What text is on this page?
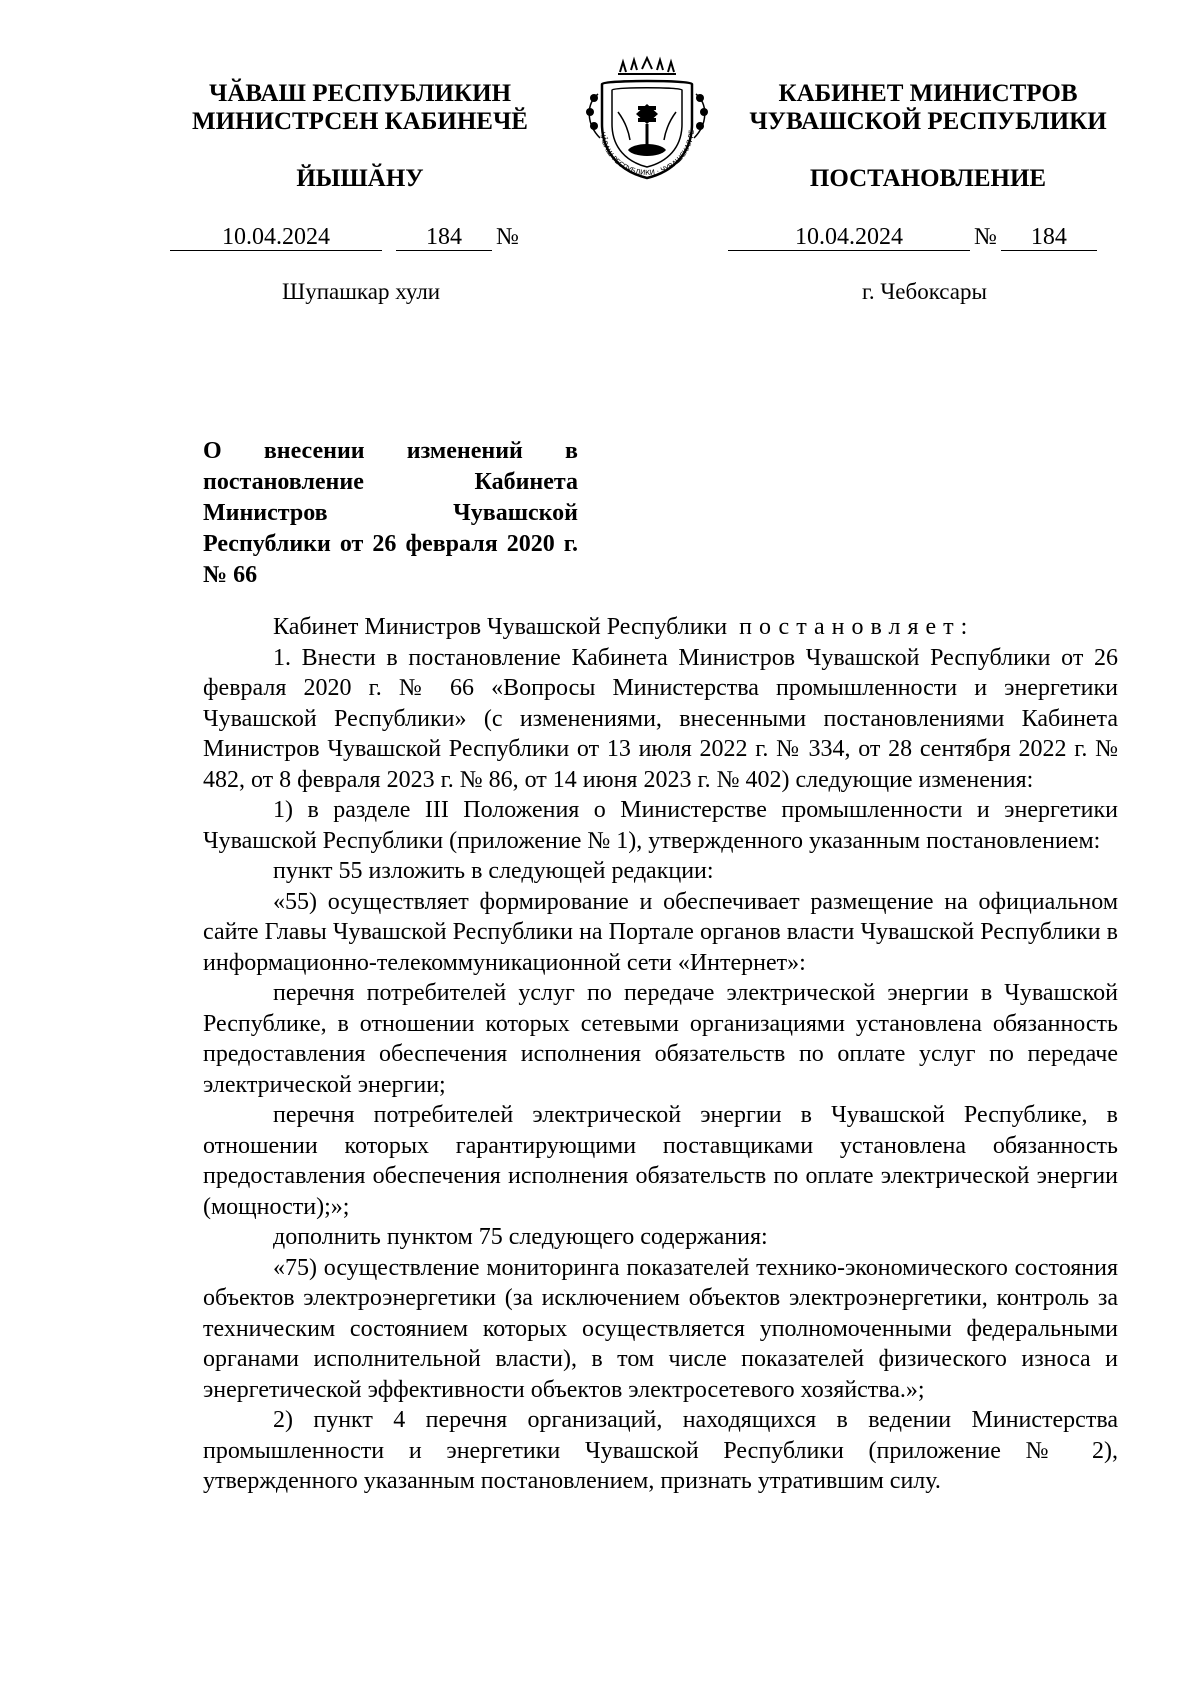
ЧӐВАШ РЕСПУБЛИКИН
МИНИСТРСЕН КАБИНЕЧӖ
ЙЫШӐНУ
ЧĂВАШ РЕСПУБЛИКИ · ЧУВАШСКАЯ РЕ
КАБИНЕТ МИНИСТРОВ
ЧУВАШСКОЙ РЕСПУБЛИКИ
ПОСТАНОВЛЕНИЕ
10.04.2024	184 №	10.04.2024	№ 184
Шупашкар хули	г. Чебоксары
О внесении изменений в постановление Кабинета Министров Чувашской Республики от 26 февраля 2020 г. № 66

Кабинет Министров Чувашской Республики постановляет:

1. Внести в постановление Кабинета Министров Чувашской Республики от 26 февраля 2020 г. № 66 «Вопросы Министерства промышленности и энергетики Чувашской Республики» (с изменениями, внесенными постановлениями Кабинета Министров Чувашской Республики от 13 июля 2022 г. № 334, от 28 сентября 2022 г. № 482, от 8 февраля 2023 г. № 86, от 14 июня 2023 г. № 402) следующие изменения:

1) в разделе III Положения о Министерстве промышленности и энергетики Чувашской Республики (приложение № 1), утвержденного указанным постановлением:

пункт 55 изложить в следующей редакции:

«55) осуществляет формирование и обеспечивает размещение на официальном сайте Главы Чувашской Республики на Портале органов власти Чувашской Республики в информационно-телекоммуникационной сети «Интернет»:

перечня потребителей услуг по передаче электрической энергии в Чувашской Республике, в отношении которых сетевыми организациями установлена обязанность предоставления обеспечения исполнения обязательств по оплате услуг по передаче электрической энергии;

перечня потребителей электрической энергии в Чувашской Республике, в отношении которых гарантирующими поставщиками установлена обязанность предоставления обеспечения исполнения обязательств по оплате электрической энергии (мощности);»;

дополнить пунктом 75 следующего содержания:

«75) осуществление мониторинга показателей технико-экономического состояния объектов электроэнергетики (за исключением объектов электроэнергетики, контроль за техническим состоянием которых осуществляется уполномоченными федеральными органами исполнительной власти), в том числе показателей физического износа и энергетической эффективности объектов электросетевого хозяйства.»;

2) пункт 4 перечня организаций, находящихся в ведении Министерства промышленности и энергетики Чувашской Республики (приложение № 2), утвержденного указанным постановлением, признать утратившим силу.
